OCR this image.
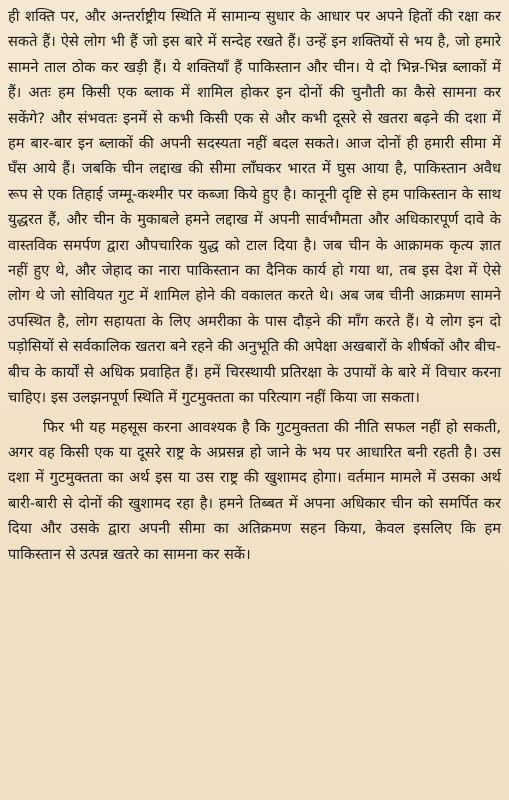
ही शक्ति पर, और अन्तर्राष्ट्रीय स्थिति में सामान्य सुधार के आधार पर अपने हितों की रक्षा कर सकते हैं। ऐसे लोग भी हैं जो इस बारे में सन्देह रखते हैं। उन्हें इन शक्तियों से भय है, जो हमारे सामने ताल ठोक कर खड़ी हैं। ये शक्तियाँ हैं पाकिस्तान और चीन। ये दो भिन्न-भिन्न ब्लाकों में हैं। अतः हम किसी एक ब्लाक में शामिल होकर इन दोनों की चुनौती का कैसे सामना कर सकेंगे? और संभवतः इनमें से कभी किसी एक से और कभी दूसरे से खतरा बढ़ने की दशा में हम बार-बार इन ब्लाकों की अपनी सदस्यता नहीं बदल सकते। आज दोनों ही हमारी सीमा में घँस आये हैं। जबकि चीन लद्दाख की सीमा लाँघकर भारत में घुस आया है, पाकिस्तान अवैध रूप से एक तिहाई जम्मू-कश्मीर पर कब्जा किये हुए है। कानूनी दृष्टि से हम पाकिस्तान के साथ युद्धरत हैं, और चीन के मुकाबले हमने लद्दाख में अपनी सार्वभौमता और अधिकारपूर्ण दावे के वास्तविक समर्पण द्वारा औपचारिक युद्ध को टाल दिया है। जब चीन के आक्रामक कृत्य ज्ञात नहीं हुए थे, और जेहाद का नारा पाकिस्तान का दैनिक कार्य हो गया था, तब इस देश में ऐसे लोग थे जो सोवियत गुट में शामिल होने की वकालत करते थे। अब जब चीनी आक्रमण सामने उपस्थित है, लोग सहायता के लिए अमरीका के पास दौड़ने की माँग करते हैं। ये लोग इन दो पड़ोसियों से सर्वकालिक खतरा बने रहने की अनुभूति की अपेक्षा अखबारों के शीर्षकों और बीच-बीच के कार्यों से अधिक प्रवाहित हैं। हमें चिरस्थायी प्रतिरक्षा के उपायों के बारे में विचार करना चाहिए। इस उलझनपूर्ण स्थिति में गुटमुक्तता का परित्याग नहीं किया जा सकता।

फिर भी यह महसूस करना आवश्यक है कि गुटमुक्तता की नीति सफल नहीं हो सकती, अगर वह किसी एक या दूसरे राष्ट्र के अप्रसन्न हो जाने के भय पर आधारित बनी रहती है। उस दशा में गुटमुक्तता का अर्थ इस या उस राष्ट्र की खुशामद होगा। वर्तमान मामले में उसका अर्थ बारी-बारी से दोनों की खुशामद रहा है। हमने तिब्बत में अपना अधिकार चीन को समर्पित कर दिया और उसके द्वारा अपनी सीमा का अतिक्रमण सहन किया, केवल इसलिए कि हम पाकिस्तान से उत्पन्न खतरे का सामना कर सकें।
